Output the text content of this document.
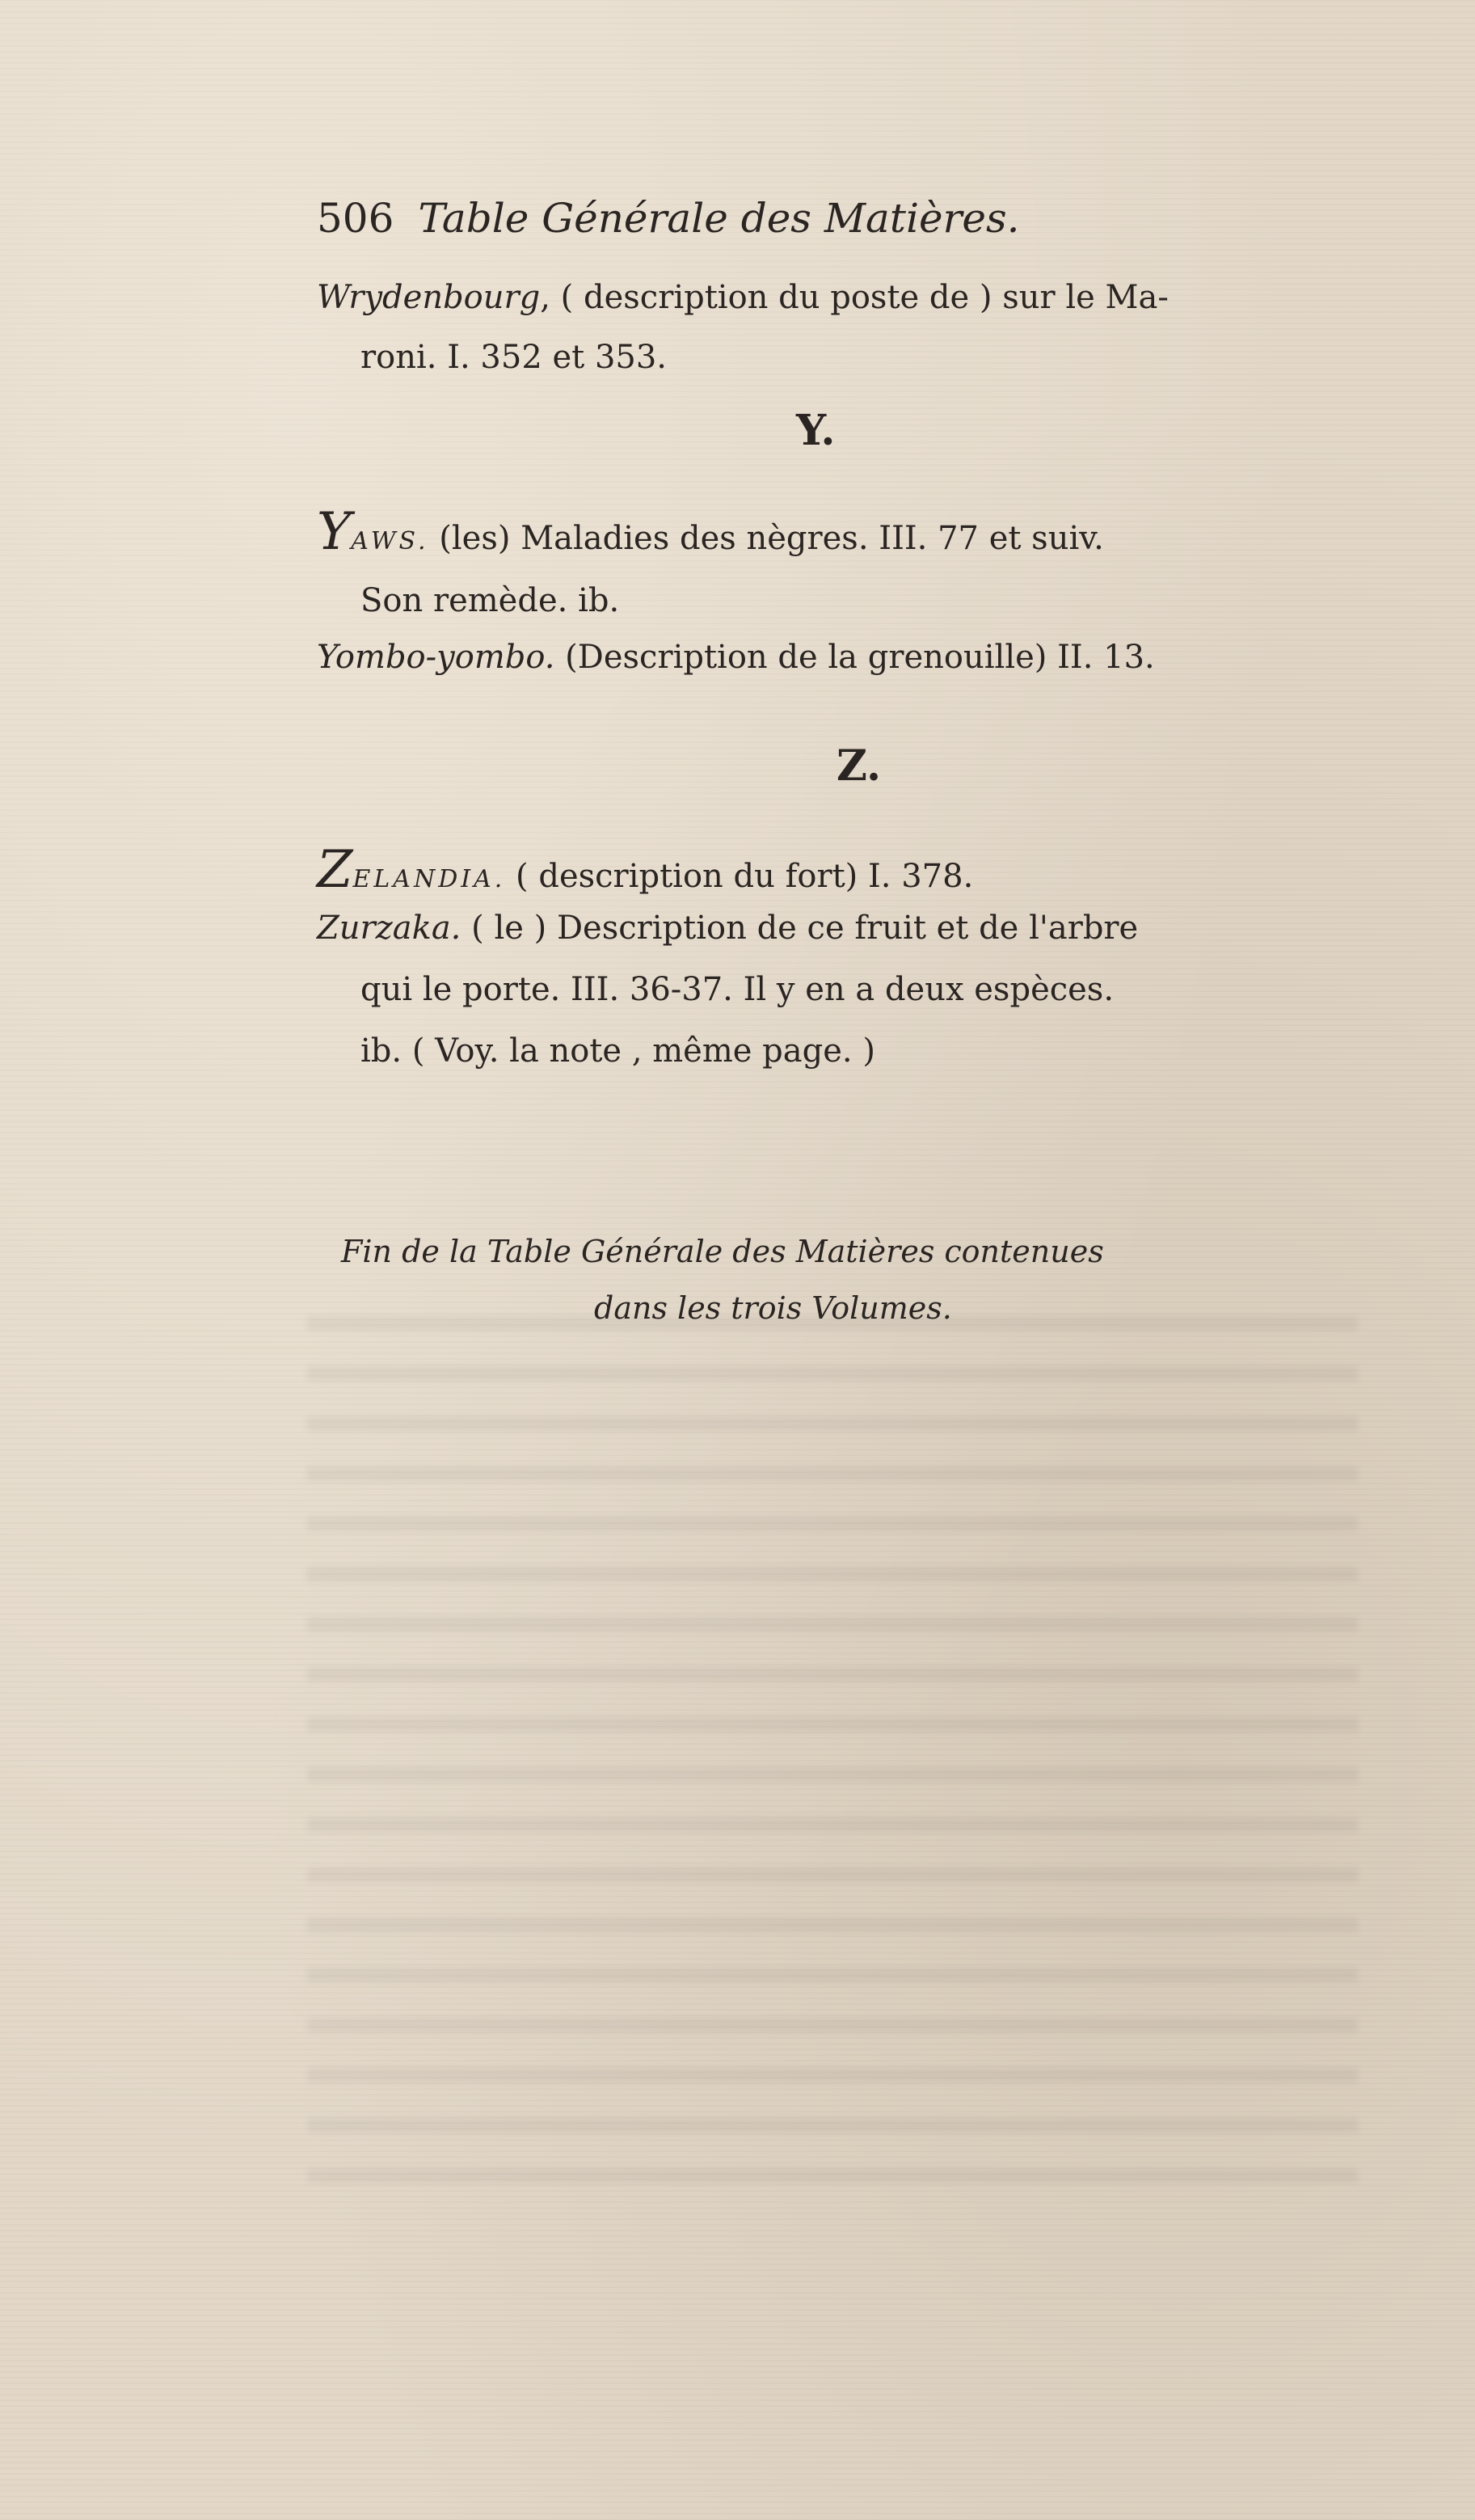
506 Table Générale des Matières.
Wrydenbourg, ( description du poste de ) sur le Ma-
roni. I. 352 et 353.
Y.
YAWS. (les) Maladies des nègres. III. 77 et suiv.
Son remède. ib.
Yombo-yombo. (Description de la grenouille) II. 13.
Z.
ZELANDIA. ( description du fort) I. 378.
Zurzaka. ( le ) Description de ce fruit et de l'arbre
qui le porte. III. 36-37. Il y en a deux espèces.
ib. ( Voy. la note , même page. )
Fin de la Table Générale des Matières contenues
dans les trois Volumes.
